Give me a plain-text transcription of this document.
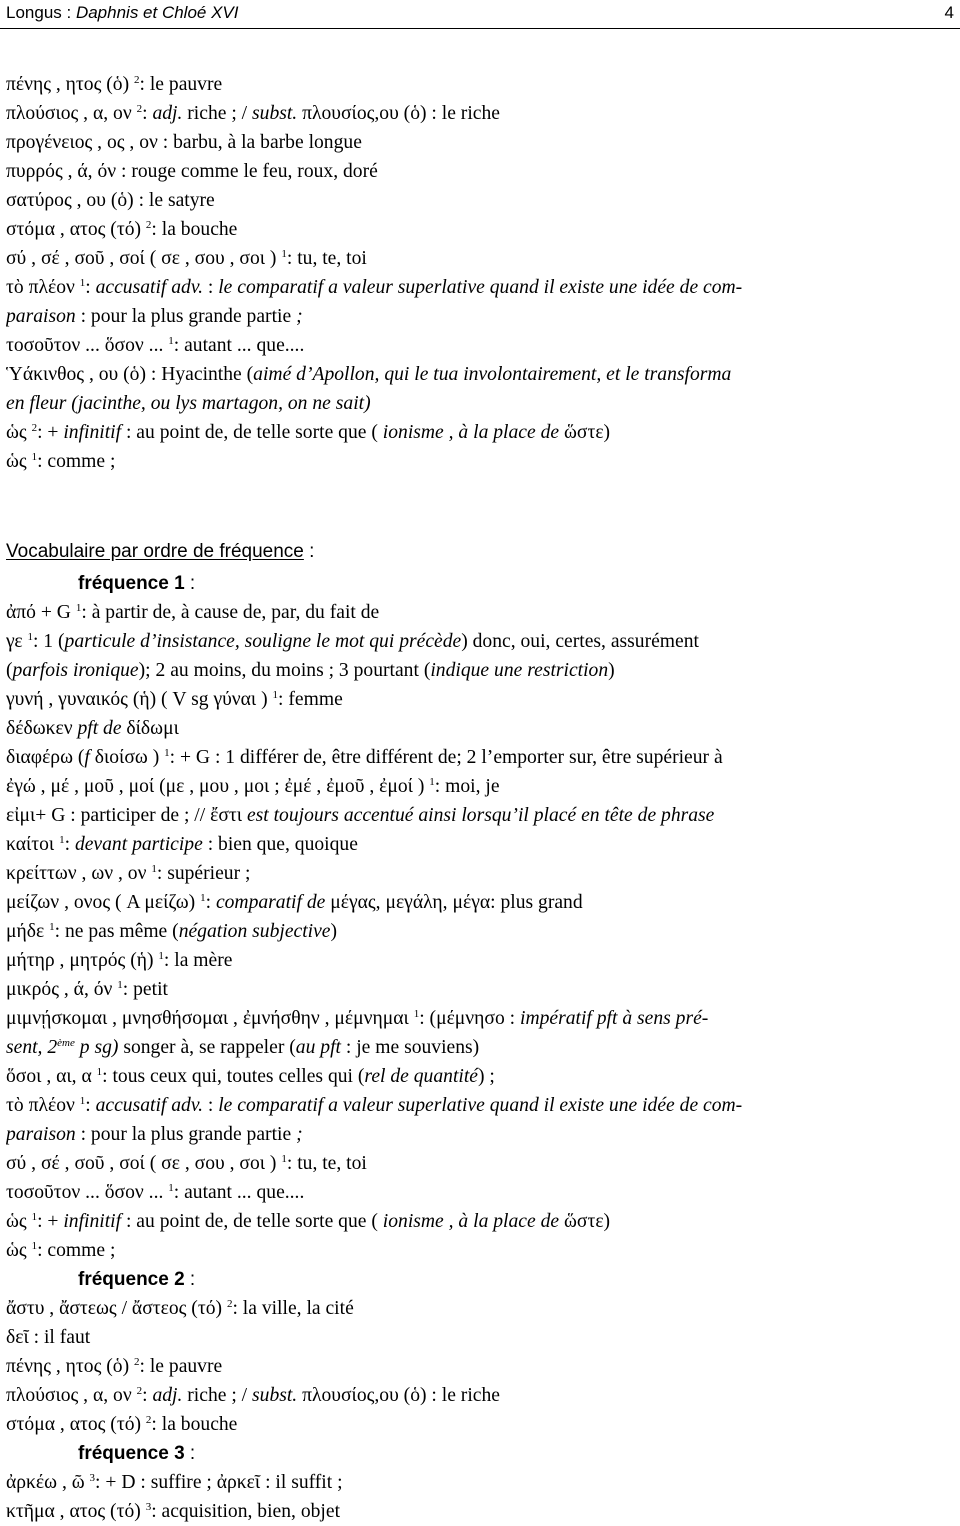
Longus : Daphnis et Chloé XVI	4
πένης , ητος (ὁ) $^2$: le pauvre
πλούσιος , α, ον $^2$: adj. riche ; / subst. πλουσίος,ου (ὁ) : le riche
προγένειος , ος , ον : barbu, à la barbe longue
πυρρός , ά, όν : rouge comme le feu, roux, doré
σατύρος , ου (ὁ) : le satyre
στόμα , ατος (τό) $^2$: la bouche
σύ , σέ , σοῦ , σοί ( σε , σου , σοι ) $^1$: tu, te, toi
τὸ πλέον $^1$: accusatif adv. : le comparatif a valeur superlative quand il existe une idée de com-
paraison : pour la plus grande partie ;
τοσοῦτον ... ὅσον ... $^1$: autant ... que....
Ὑάκινθος , ου (ὁ) : Hyacinthe (aimé d’Apollon, qui le tua involontairement, et le transforma
en fleur (jacinthe, ou lys martagon, on ne sait)
ὡς $^2$: + infinitif : au point de, de telle sorte que ( ionisme , à la place de ὥστε)
ὡς $^1$: comme ;
Vocabulaire par ordre de fréquence :
fréquence 1 :
ἀπό + G $^1$: à partir de, à cause de, par, du fait de
γε $^1$: 1 (particule d’insistance, souligne le mot qui précède) donc, oui, certes, assurément
(parfois ironique); 2 au moins, du moins ; 3 pourtant (indique une restriction)
γυνή , γυναικός (ἡ) ( V sg γύναι ) $^1$: femme
δέδωκεν pft de δίδωμι
διαφέρω (f διοίσω ) $^1$: + G : 1 différer de, être différent de; 2 l’emporter sur, être supérieur à
ἐγώ , μέ , μοῦ , μοί (με , μου , μοι ; ἐμέ , ἐμοῦ , ἐμοί ) $^1$: moi, je
εἰμι+ G : participer de ; // ἔστι est toujours accentué ainsi lorsqu’il placé en tête de phrase
καίτοι $^1$: devant participe : bien que, quoique
κρείττων , ων , ον $^1$: supérieur ;
μείζων , ονος ( A μείζω) $^1$: comparatif de μέγας, μεγάλη, μέγα: plus grand
μήδε $^1$: ne pas même (négation subjective)
μήτηρ , μητρός (ἡ) $^1$: la mère
μικρός , ά, όν $^1$: petit
μιμνῄσκομαι , μνησθήσομαι , ἐμνήσθην , μέμνημαι $^1$: (μέμνησο : impératif pft à sens pré-
sent, 2ème p sg) songer à, se rappeler (au pft : je me souviens)
ὅσοι , αι, α $^1$: tous ceux qui, toutes celles qui (rel de quantité) ;
τὸ πλέον $^1$: accusatif adv. : le comparatif a valeur superlative quand il existe une idée de com-
paraison : pour la plus grande partie ;
σύ , σέ , σοῦ , σοί ( σε , σου , σοι ) $^1$: tu, te, toi
τοσοῦτον ... ὅσον ... $^1$: autant ... que....
ὡς $^1$: + infinitif : au point de, de telle sorte que ( ionisme , à la place de ὥστε)
ὡς $^1$: comme ;
fréquence 2 :
ἄστυ , ἄστεως / ἄστεος (τό) $^2$: la ville, la cité
δεῖ : il faut
πένης , ητος (ὁ) $^2$: le pauvre
πλούσιος , α, ον $^2$: adj. riche ; / subst. πλουσίος,ου (ὁ) : le riche
στόμα , ατος (τό) $^2$: la bouche
fréquence 3 :
ἀρκέω , ῶ $^3$: + D : suffire ; ἀρκεῖ : il suffit ;
κτῆμα , ατος (τό) $^3$: acquisition, bien, objet
